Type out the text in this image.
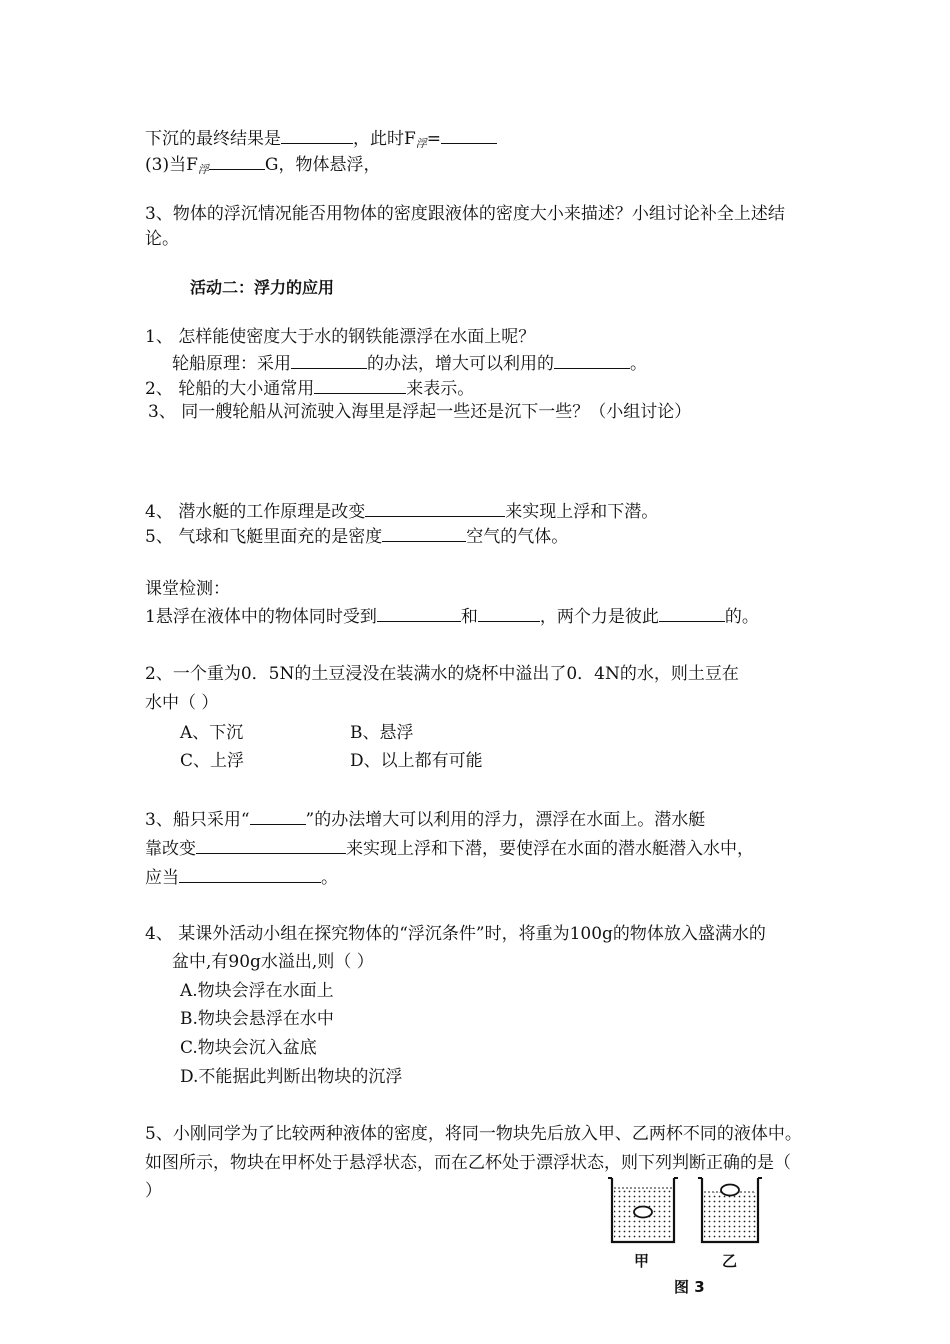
下沉的最终结果是	，此时F浮=
(3)当F浮	G，物体悬浮，
3、物体的浮沉情况能否用物体的密度跟液体的密度大小来描述？小组讨论补全上述结
论。
活动二：浮力的应用
1、 怎样能使密度大于水的钢铁能漂浮在水面上呢？
轮船原理：采用	的办法，增大可以利用的	。
2、 轮船的大小通常用	来表示。
3、 同一艘轮船从河流驶入海里是浮起一些还是沉下一些？（小组讨论）
4、 潜水艇的工作原理是改变	来实现上浮和下潜。
5、 气球和飞艇里面充的是密度	空气的气体。
课堂检测：
1悬浮在液体中的物体同时受到	和	，两个力是彼此	的。
2、一个重为0．5N的土豆浸没在装满水的烧杯中溢出了0．4N的水，则土豆在
水中（ ）
A、下沉	B、悬浮
C、上浮	D、以上都有可能
3、船只采用“	”的办法增大可以利用的浮力，漂浮在水面上。潜水艇
靠改变	来实现上浮和下潜，要使浮在水面的潜水艇潜入水中，
应当	。
4、 某课外活动小组在探究物体的“浮沉条件”时，将重为100g的物体放入盛满水的
盆中,有90g水溢出,则（ ）
A.物块会浮在水面上
B.物块会悬浮在水中
C.物块会沉入盆底
D.不能据此判断出物块的沉浮
5、小刚同学为了比较两种液体的密度，将同一物块先后放入甲、乙两杯不同的液体中。
如图所示，物块在甲杯处于悬浮状态，而在乙杯处于漂浮状态，则下列判断正确的是（
）
甲	乙
图 3
